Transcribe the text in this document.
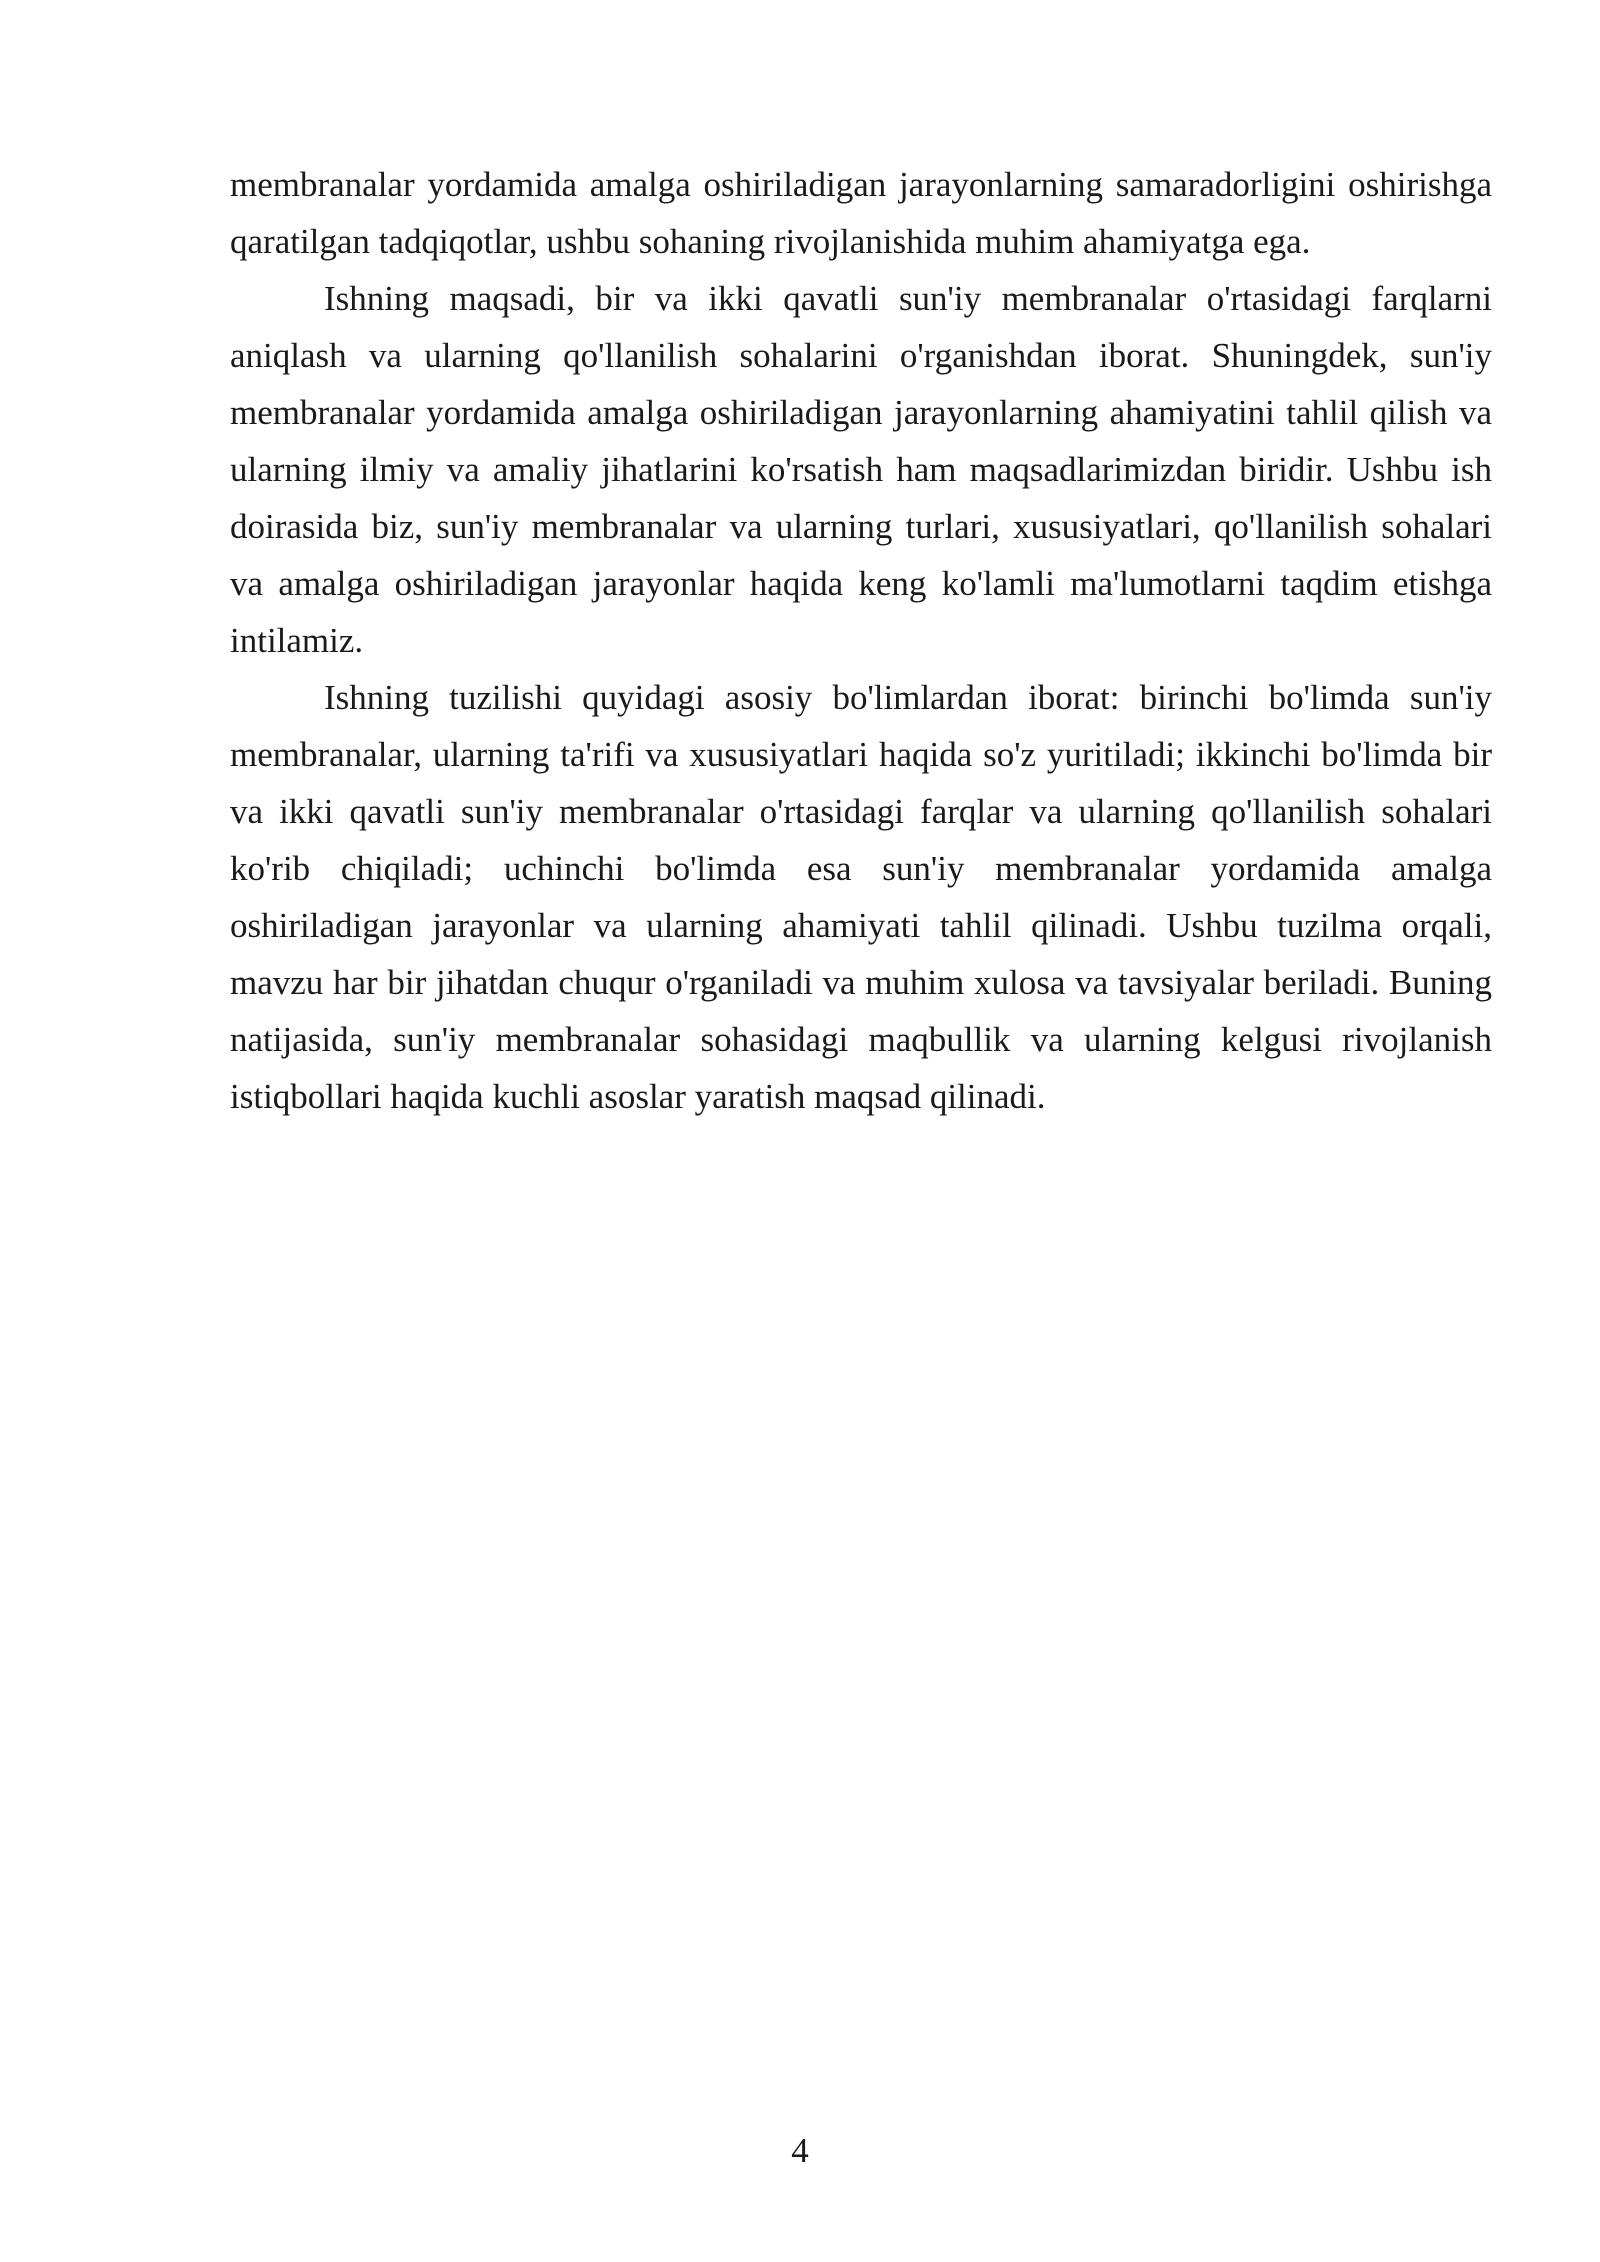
membranalar yordamida amalga oshiriladigan jarayonlarning samaradorligini oshirishga qaratilgan tadqiqotlar, ushbu sohaning rivojlanishida muhim ahamiyatga ega.

Ishning maqsadi, bir va ikki qavatli sun'iy membranalar o'rtasidagi farqlarni aniqlash va ularning qo'llanilish sohalarini o'rganishdan iborat. Shuningdek, sun'iy membranalar yordamida amalga oshiriladigan jarayonlarning ahamiyatini tahlil qilish va ularning ilmiy va amaliy jihatlarini ko'rsatish ham maqsadlarimizdan biridir. Ushbu ish doirasida biz, sun'iy membranalar va ularning turlari, xususiyatlari, qo'llanilish sohalari va amalga oshiriladigan jarayonlar haqida keng ko'lamli ma'lumotlarni taqdim etishga intilamiz.

Ishning tuzilishi quyidagi asosiy bo'limlardan iborat: birinchi bo'limda sun'iy membranalar, ularning ta'rifi va xususiyatlari haqida so'z yuritiladi; ikkinchi bo'limda bir va ikki qavatli sun'iy membranalar o'rtasidagi farqlar va ularning qo'llanilish sohalari ko'rib chiqiladi; uchinchi bo'limda esa sun'iy membranalar yordamida amalga oshiriladigan jarayonlar va ularning ahamiyati tahlil qilinadi. Ushbu tuzilma orqali, mavzu har bir jihatdan chuqur o'rganiladi va muhim xulosa va tavsiyalar beriladi. Buning natijasida, sun'iy membranalar sohasidagi maqbullik va ularning kelgusi rivojlanish istiqbollari haqida kuchli asoslar yaratish maqsad qilinadi.

4
